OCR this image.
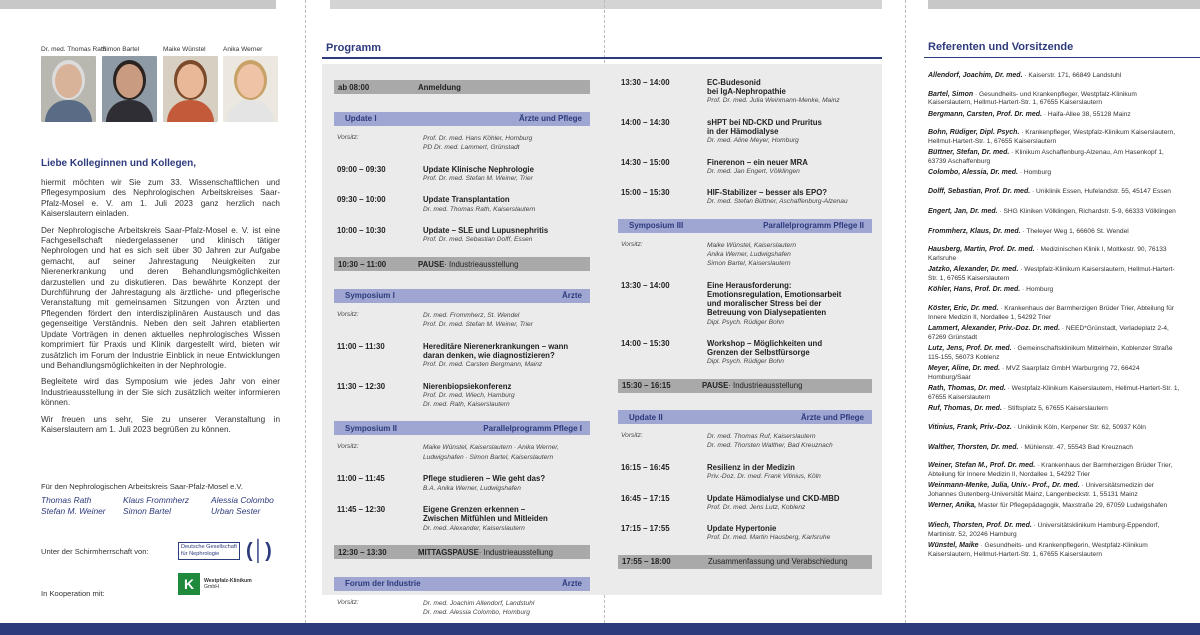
Dr. med. Thomas Rath
Simon Bartel	Maike Wünstel	Anika Werner
Liebe Kolleginnen und Kollegen,

hiermit möchten wir Sie zum 33. Wissenschaftlichen und Pflegesymposium des Nephrologischen Arbeitskreises Saar-Pfalz-Mosel e. V. am 1. Juli 2023 ganz herzlich nach Kaiserslautern einladen.

Der Nephrologische Arbeitskreis Saar-Pfalz-Mosel e. V. ist eine Fachgesellschaft niedergelassener und klinisch tätiger Nephrologen und hat es sich seit über 30 Jahren zur Aufgabe gemacht, auf seiner Jahrestagung Neuigkeiten zur Nierenerkrankung und deren Behandlungsmöglichkeiten darzustellen und zu diskutieren. Das bewährte Konzept der Durchführung der Jahrestagung als ärztliche- und pflegerische Veranstaltung mit gemeinsamen Sitzungen von Ärzten und Pflegenden fördert den interdisziplinären Austausch und das gegenseitige Verständnis. Neben den seit Jahren etablierten Update Vorträgen in denen aktuelles nephrologisches Wissen komprimiert für Praxis und Klinik dargestellt wird, bieten wir zusätzlich im Forum der Industrie Einblick in neue Entwicklungen und Behandlungsmöglichkeiten in der Nephrologie.

Begleitete wird das Symposium wie jedes Jahr von einer Industrieausstellung in der Sie sich zusätzlich weiter informieren können.

Wir freuen uns sehr, Sie zu unserer Veranstaltung in Kaiserslautern am 1. Juli 2023 begrüßen zu können.

Für den Nephrologischen Arbeitskreis Saar-Pfalz-Mosel e.V.
Thomas Rath	Klaus Frommherz	Alessia Colombo
Stefan M. Weiner	Simon Bartel	Urban Sester
Unter der Schirmherrschaft von:	Deutsche Gesellschaft
für Nephrologie	(│)
In Kooperation mit:
K	Westpfalz-Klinikum
GmbH
Programm
ab 08:00	Anmeldung
Update I	Ärzte und Pflege
Vorsitz:	Prof. Dr. med. Hans Köhler, Homburg
PD Dr. med. Lammert, Grünstadt
09:00 – 09:30	Update Klinische Nephrologie
Prof. Dr. med. Stefan M. Weiner, Trier
09:30 – 10:00	Update Transplantation
Dr. med. Thomas Rath, Kaiserslautern
10:00 – 10:30	Update – SLE und Lupusnephritis
Prof. Dr. med. Sebastian Dolff, Essen
10:30 – 11:00	PAUSE · Industrieausstellung
Symposium I	Ärzte
Vorsitz:	Dr. med. Frommherz, St. Wendel
Prof. Dr. med. Stefan M. Weiner, Trier
11:00 – 11:30	Hereditäre Nierenerkrankungen – wann
daran denken, wie diagnostizieren?
Prof. Dr. med. Carsten Bergmann, Mainz
11:30 – 12:30	Nierenbiopsiekonferenz
Prof. Dr. med. Wiech, Hamburg
Dr. med. Rath, Kaiserslautern
Symposium II	Parallelprogramm Pflege I
Vorsitz:	Maike Wünstel, Kaiserslautern · Anika Werner,
Ludwigshafen · Simon Bartel, Kaiserslautern
11:00 – 11:45	Pflege studieren – Wie geht das?
B.A. Anika Werner, Ludwigshafen
11:45 – 12:30	Eigene Grenzen erkennen –
Zwischen Mitfühlen und Mitleiden
Dr. med. Alexander, Kaiserslautern
12:30 – 13:30	MITTAGSPAUSE · Industrieausstellung
Forum der Industrie	Ärzte
Vorsitz:	Dr. med. Joachim Allendorf, Landstuhl
Dr. med. Alessia Colombo, Homburg
13:30 – 14:00	EC-Budesonid
bei IgA-Nephropathie
Prof. Dr. med. Julia Weinmann-Menke, Mainz
14:00 – 14:30	sHPT bei ND-CKD und Pruritus
in der Hämodialyse
Dr. med. Aline Meyer, Homburg
14:30 – 15:00	Finerenon – ein neuer MRA
Dr. med. Jan Engert, Völklingen
15:00 – 15:30	HIF-Stabilizer – besser als EPO?
Dr. med. Stefan Büttner, Aschaffenburg-Alzenau
Symposium III	Parallelprogramm Pflege II
Vorsitz:	Maike Wünstel, Kaiserslautern
Anika Werner, Ludwigshafen
Simon Bartel, Kaiserslautern
13:30 – 14:00	Eine Herausforderung:
Emotionsregulation, Emotionsarbeit
und moralischer Stress bei der
Betreuung von Dialysepatienten
Dipl. Psych. Rüdiger Bohn
14:00 – 15:30	Workshop – Möglichkeiten und
Grenzen der Selbstfürsorge
Dipl. Psych. Rüdiger Bohn
15:30 – 16:15	PAUSE · Industrieausstellung
Update II	Ärzte und Pflege
Vorsitz:	Dr. med. Thomas Ruf, Kaiserslautern
Dr. med. Thorsten Walther, Bad Kreuznach
16:15 – 16:45	Resilienz in der Medizin
Priv.-Doz. Dr. med. Frank Vitinius, Köln
16:45 – 17:15	Update Hämodialyse und CKD-MBD
Prof. Dr. med. Jens Lutz, Koblenz
17:15 – 17:55	Update Hypertonie
Prof. Dr. med. Martin Hausberg, Karlsruhe
17:55 – 18:00	Zusammenfassung und Verabschiedung
Referenten und Vorsitzende
Allendorf, Joachim, Dr. med. · Kaiserstr. 171, 66849 Landstuhl
Bartel, Simon · Gesundheits- und Krankenpfleger, Westpfalz-Klinikum Kaiserslautern, Hellmut-Hartert-Str. 1, 67655 Kaiserslautern
Bergmann, Carsten, Prof. Dr. med. · Haifa-Allee 38, 55128 Mainz
Bohn, Rüdiger, Dipl. Psych. · Krankenpfleger, Westpfalz-Klinikum Kaiserslautern, Hellmut-Hartert-Str. 1, 67655 Kaiserslautern
Büttner, Stefan, Dr. med. · Klinikum Aschaffenburg-Alzenau, Am Hasenkopf 1, 63739 Aschaffenburg
Colombo, Alessia, Dr. med. · Homburg
Dolff, Sebastian, Prof. Dr. med. · Uniklinik Essen, Hufelandstr. 55, 45147 Essen
Engert, Jan, Dr. med. · SHG Kliniken Völklingen, Richardstr. 5-9, 66333 Völklingen
Frommherz, Klaus, Dr. med. · Theleyer Weg 1, 66606 St. Wendel
Hausberg, Martin, Prof. Dr. med. · Medizinischen Klinik I, Moltkestr. 90, 76133 Karlsruhe
Jatzko, Alexander, Dr. med. · Westpfalz-Klinikum Kaiserslautern, Hellmut-Hartert-Str. 1, 67655 Kaiserslautern
Köhler, Hans, Prof. Dr. med. · Homburg
Köster, Eric, Dr. med. · Krankenhaus der Barmherzigen Brüder Trier, Abteilung für Innere Medizin II, Nordallee 1, 54292 Trier
Lammert, Alexander, Priv.-Doz. Dr. med. · NEED*Grünstadt, Verladeplatz 2-4, 67269 Grünstadt
Lutz, Jens, Prof. Dr. med. · Gemeinschaftsklinikum Mittelrhein, Koblenzer Straße 115-155, 56073 Koblenz
Meyer, Aline, Dr. med. · MVZ Saarpfalz GmbH Warburgring 72, 66424 Homburg/Saar
Rath, Thomas, Dr. med. · Westpfalz-Klinikum Kaiserslautern, Hellmut-Hartert-Str. 1, 67655 Kaiserslautern
Ruf, Thomas, Dr. med. · Stiftsplatz 5, 67655 Kaiserslautern
Vitinius, Frank, Priv.-Doz. · Uniklinik Köln, Kerpener Str. 62, 50937 Köln
Walther, Thorsten, Dr. med. · Mühlenstr. 47, 55543 Bad Kreuznach
Weiner, Stefan M., Prof. Dr. med. · Krankenhaus der Barmherzigen Brüder Trier, Abteilung für Innere Medizin II, Nordallee 1, 54292 Trier
Weinmann-Menke, Julia, Univ.- Prof., Dr. med. · Universitätsmedizin der Johannes Gutenberg-Universität Mainz, Langenbeckstr. 1, 55131 Mainz
Werner, Anika, Master für Pflegepädagogik, Maxstraße 29, 67059 Ludwigshafen
Wiech, Thorsten, Prof. Dr. med. · Universitätsklinikum Hamburg-Eppendorf, Martinistr. 52, 20246 Hamburg
Wünstel, Maike · Gesundheits- und Krankenpflegerin, Westpfalz-Klinikum Kaiserslautern, Hellmut-Hartert-Str. 1, 67655 Kaiserslautern
